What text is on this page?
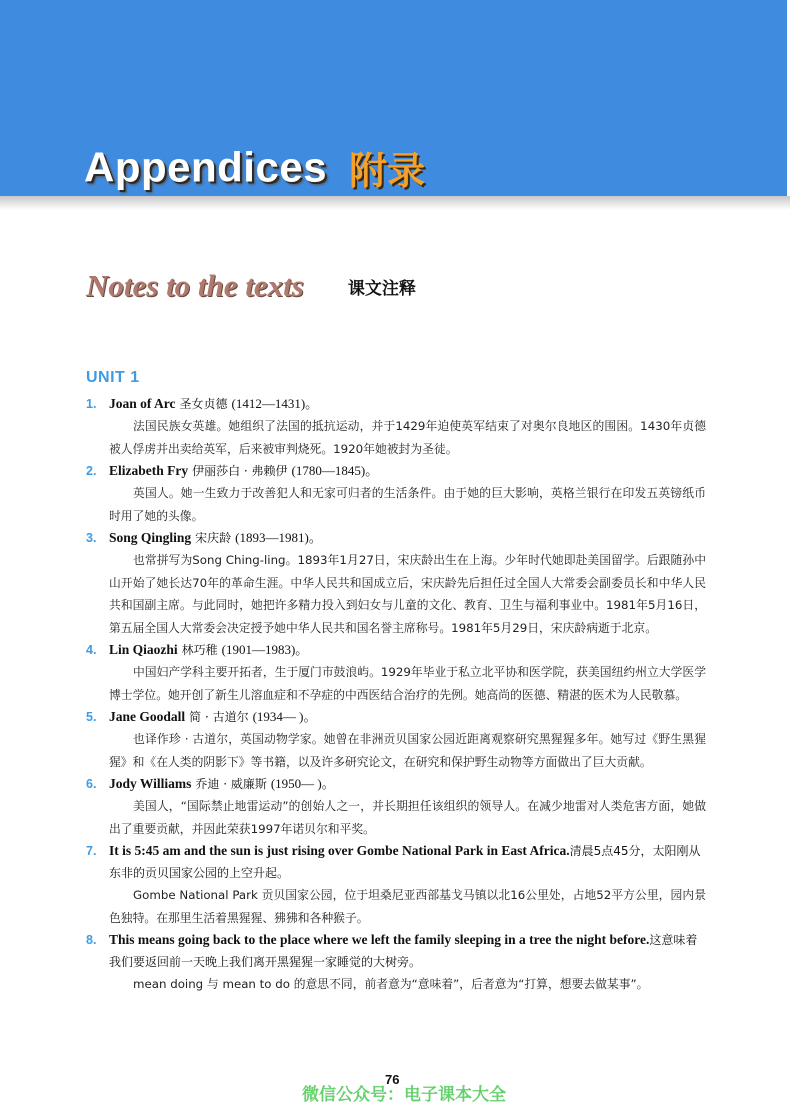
Appendices 附录
Notes to the texts	课文注释
UNIT 1
1. Joan of Arc 圣女贞德 (1412—1431)。

法国民族女英雄。她组织了法国的抵抗运动，并于1429年迫使英军结束了对奥尔良地区的围困。1430年贞德被人俘虏并出卖给英军，后来被审判烧死。1920年她被封为圣徒。

2. Elizabeth Fry 伊丽莎白 · 弗赖伊 (1780—1845)。

英国人。她一生致力于改善犯人和无家可归者的生活条件。由于她的巨大影响，英格兰银行在印发五英镑纸币时用了她的头像。

3. Song Qingling 宋庆龄 (1893—1981)。

也常拼写为Song Ching-ling。1893年1月27日，宋庆龄出生在上海。少年时代她即赴美国留学。后跟随孙中山开始了她长达70年的革命生涯。中华人民共和国成立后，宋庆龄先后担任过全国人大常委会副委员长和中华人民共和国副主席。与此同时，她把许多精力投入到妇女与儿童的文化、教育、卫生与福利事业中。1981年5月16日，第五届全国人大常委会决定授予她中华人民共和国名誉主席称号。1981年5月29日，宋庆龄病逝于北京。

4. Lin Qiaozhi 林巧稚 (1901—1983)。

中国妇产学科主要开拓者，生于厦门市鼓浪屿。1929年毕业于私立北平协和医学院，获美国纽约州立大学医学博士学位。她开创了新生儿溶血症和不孕症的中西医结合治疗的先例。她高尚的医德、精湛的医术为人民敬慕。

5. Jane Goodall 简 · 古道尔 (1934— )。

也译作珍 · 古道尔，英国动物学家。她曾在非洲贡贝国家公园近距离观察研究黑猩猩多年。她写过《野生黑猩猩》和《在人类的阴影下》等书籍，以及许多研究论文，在研究和保护野生动物等方面做出了巨大贡献。

6. Jody Williams 乔迪 · 威廉斯 (1950— )。

美国人，“国际禁止地雷运动”的创始人之一，并长期担任该组织的领导人。在减少地雷对人类危害方面，她做出了重要贡献，并因此荣获1997年诺贝尔和平奖。

7. It is 5:45 am and the sun is just rising over Gombe National Park in East Africa.清晨5点45分，太阳刚从东非的贡贝国家公园的上空升起。

Gombe National Park 贡贝国家公园，位于坦桑尼亚西部基戈马镇以北16公里处，占地52平方公里，园内景色独特。在那里生活着黑猩猩、狒狒和各种猴子。

8. This means going back to the place where we left the family sleeping in a tree the night before.这意味着我们要返回前一天晚上我们离开黑猩猩一家睡觉的大树旁。

mean doing 与 mean to do 的意思不同，前者意为“意味着”，后者意为“打算，想要去做某事”。

76
微信公众号：电子课本大全
